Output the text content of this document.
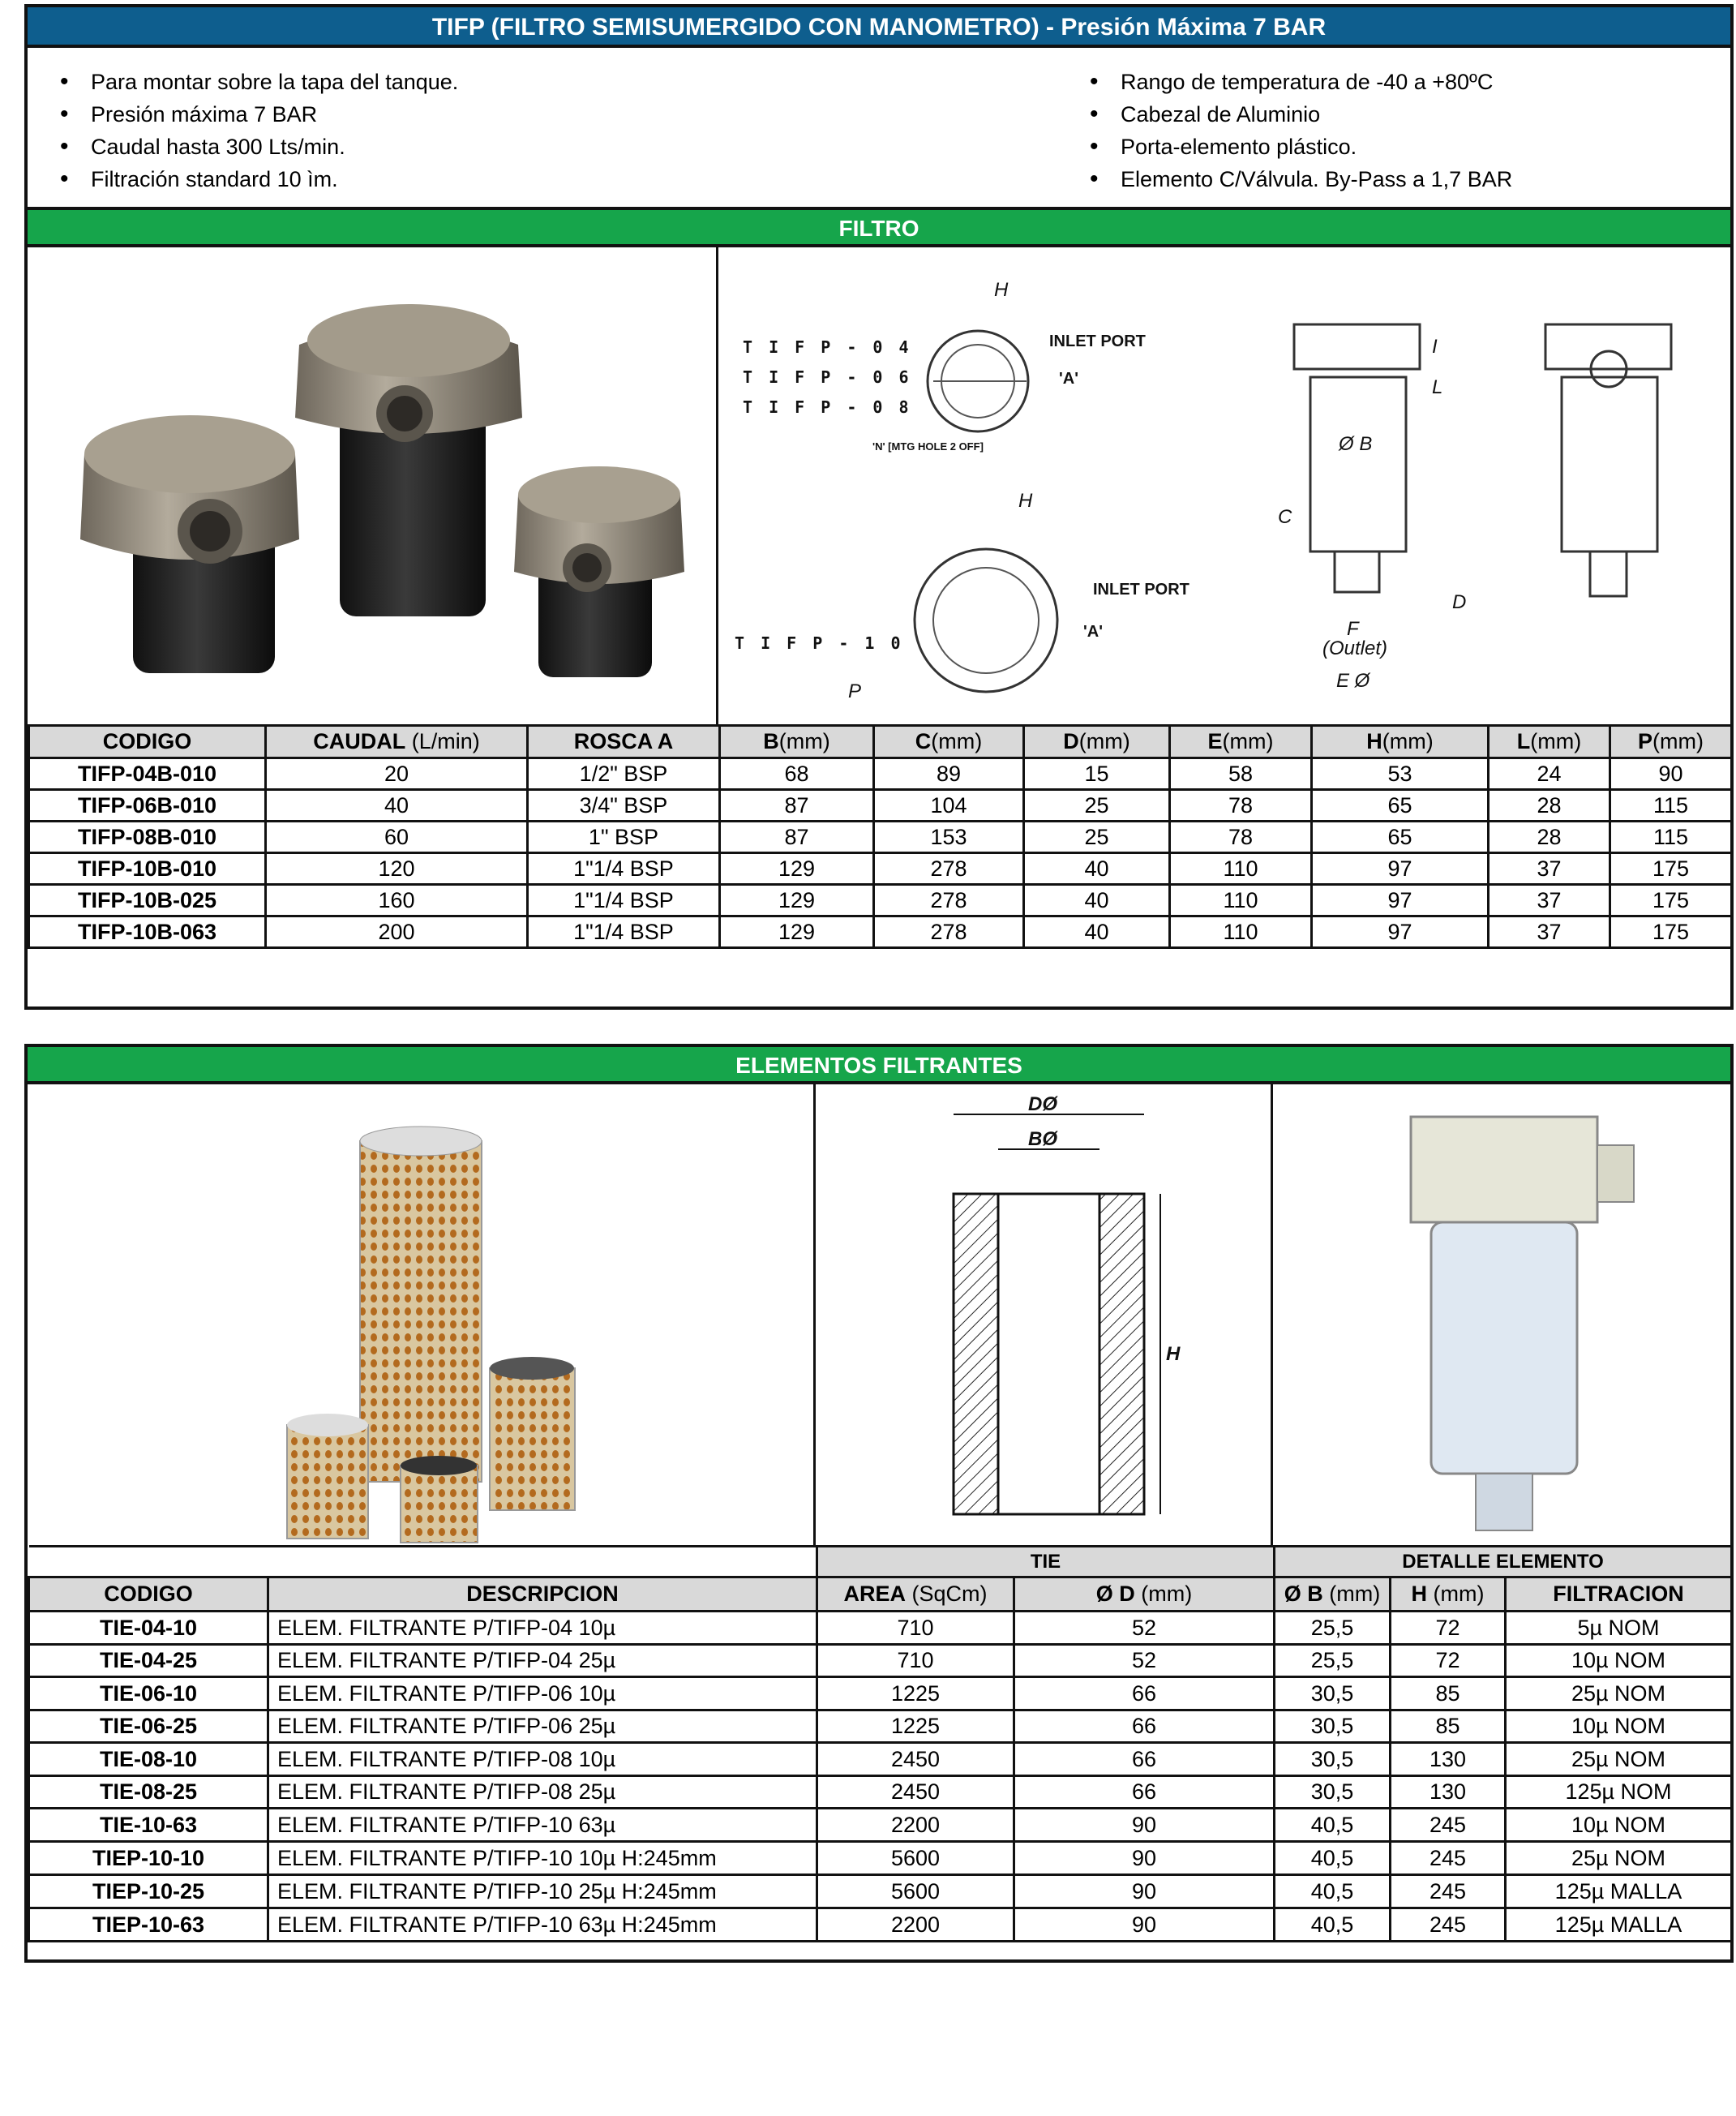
TIFP (FILTRO SEMISUMERGIDO CON MANOMETRO) - Presión Máxima 7 BAR
• Para montar sobre la tapa del tanque.
• Presión máxima 7 BAR
• Caudal hasta 300 Lts/min.
• Filtración standard 10 ìm.
• Rango de temperatura de -40 a +80ºC
• Cabezal de Aluminio
• Porta-elemento plástico.
• Elemento C/Válvula. By-Pass a 1,7 BAR
FILTRO
T I F P - 0 4
T I F P - 0 6
T I F P - 0 8
INLET PORT
H
'A'
'N' [MTG HOLE 2 OFF]
T I F P - 1 0
INLET PORT
H
'A'
P
Ø B
C
D
F
(Outlet)
E Ø
I
L
CODIGO	CAUDAL (L/min)	ROSCA A	B(mm)	C(mm)	D(mm)	E(mm)	H(mm)	L(mm)	P(mm)
TIFP-04B-010	20	1/2" BSP	68	89	15	58	53	24	90
TIFP-06B-010	40	3/4" BSP	87	104	25	78	65	28	115
TIFP-08B-010	60	1" BSP	87	153	25	78	65	28	115
TIFP-10B-010	120	1"1/4 BSP	129	278	40	110	97	37	175
TIFP-10B-025	160	1"1/4 BSP	129	278	40	110	97	37	175
TIFP-10B-063	200	1"1/4 BSP	129	278	40	110	97	37	175
ELEMENTOS FILTRANTES
DØ
BØ
H
		TIE		DETALLE ELEMENTO		
CODIGO	DESCRIPCION	AREA (SqCm)	Ø D (mm)	Ø B (mm)	H (mm)	FILTRACION
TIE-04-10	ELEM. FILTRANTE P/TIFP-04 10µ	710	52	25,5	72	5µ NOM
TIE-04-25	ELEM. FILTRANTE P/TIFP-04 25µ	710	52	25,5	72	10µ NOM
TIE-06-10	ELEM. FILTRANTE P/TIFP-06 10µ	1225	66	30,5	85	25µ NOM
TIE-06-25	ELEM. FILTRANTE P/TIFP-06 25µ	1225	66	30,5	85	10µ NOM
TIE-08-10	ELEM. FILTRANTE P/TIFP-08 10µ	2450	66	30,5	130	25µ NOM
TIE-08-25	ELEM. FILTRANTE P/TIFP-08 25µ	2450	66	30,5	130	125µ NOM
TIE-10-63	ELEM. FILTRANTE P/TIFP-10 63µ	2200	90	40,5	245	10µ NOM
TIEP-10-10	ELEM. FILTRANTE P/TIFP-10 10µ H:245mm	5600	90	40,5	245	25µ NOM
TIEP-10-25	ELEM. FILTRANTE P/TIFP-10 25µ H:245mm	5600	90	40,5	245	125µ MALLA
TIEP-10-63	ELEM. FILTRANTE P/TIFP-10 63µ H:245mm	2200	90	40,5	245	125µ MALLA
